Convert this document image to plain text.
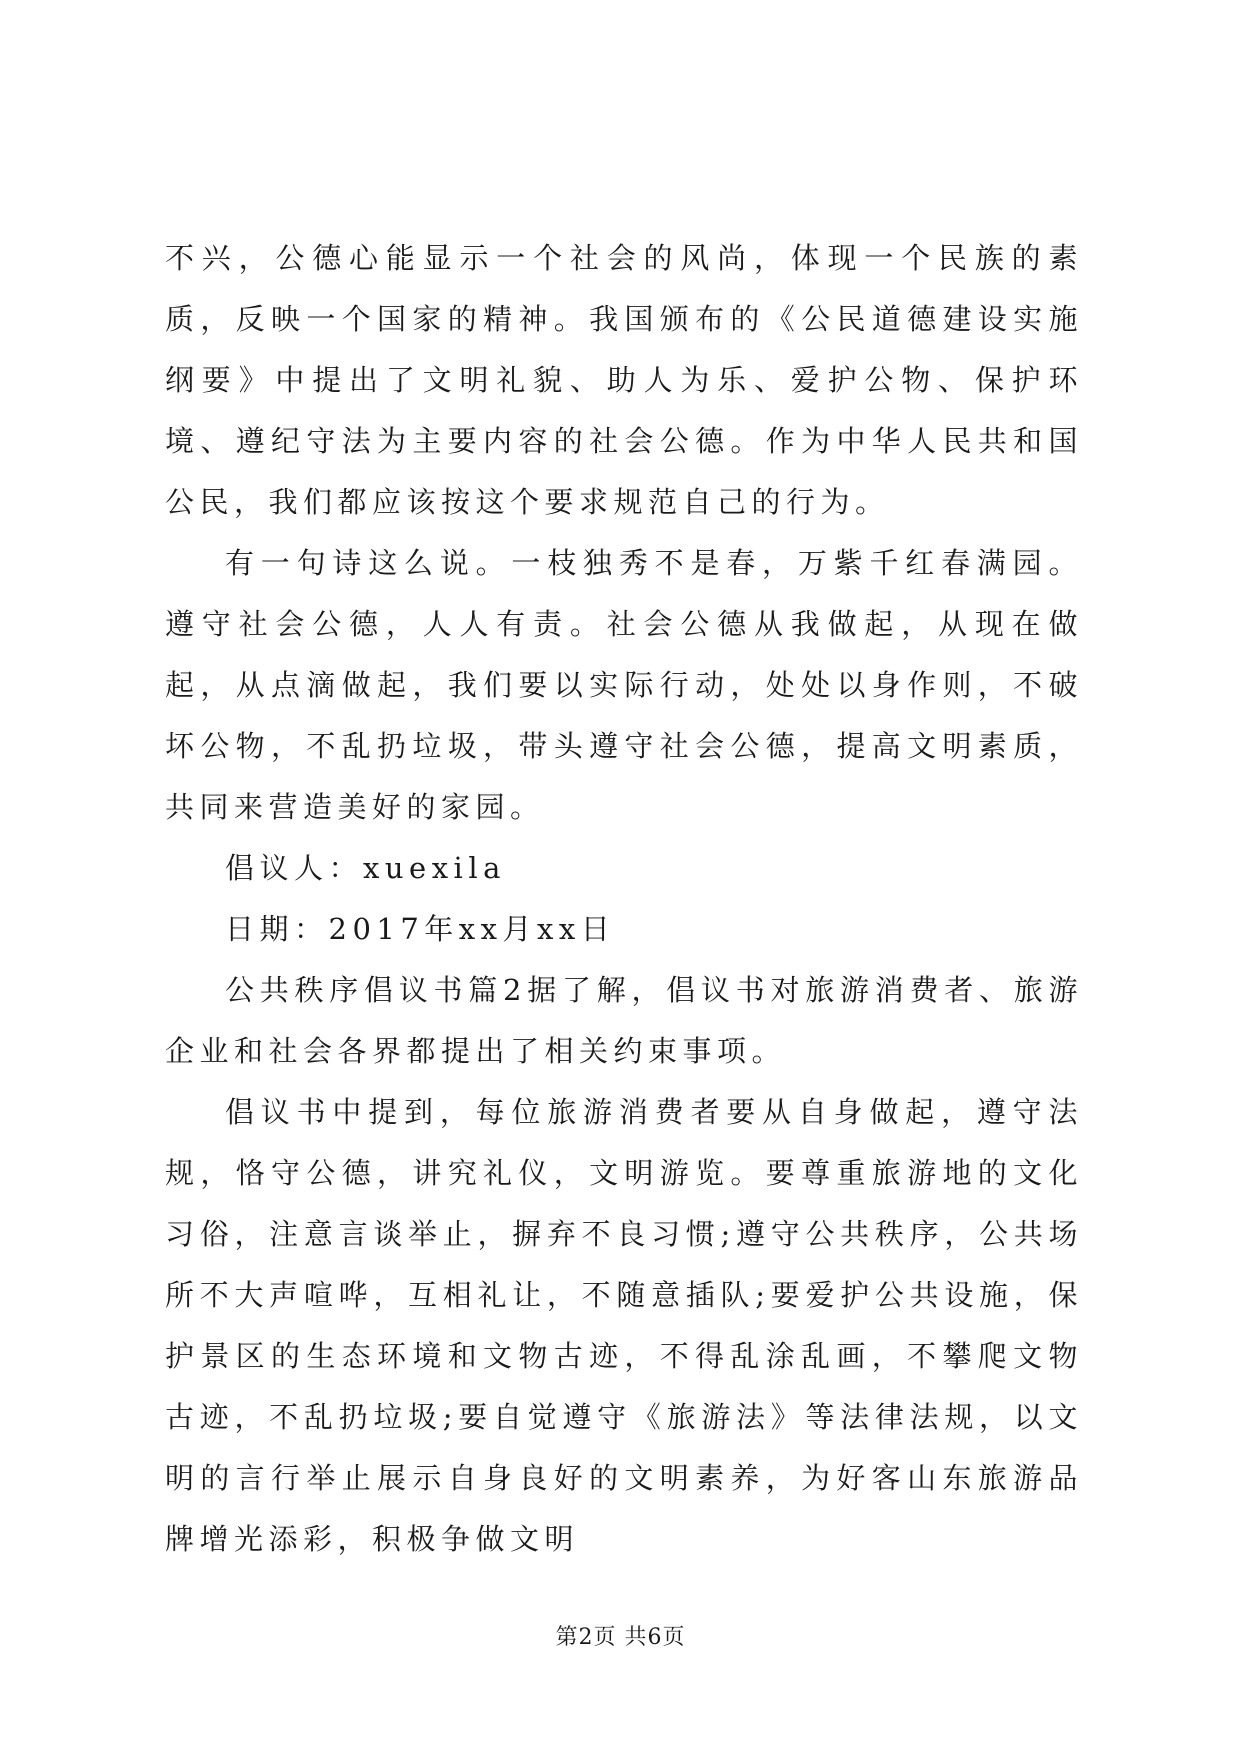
不兴，公德心能显示一个社会的风尚，体现一个民族的素质，反映一个国家的精神。我国颁布的《公民道德建设实施纲要》中提出了文明礼貌、助人为乐、爱护公物、保护环境、遵纪守法为主要内容的社会公德。作为中华人民共和国公民，我们都应该按这个要求规范自己的行为。

有一句诗这么说。一枝独秀不是春，万紫千红春满园。遵守社会公德，人人有责。社会公德从我做起，从现在做起，从点滴做起，我们要以实际行动，处处以身作则，不破坏公物，不乱扔垃圾，带头遵守社会公德，提高文明素质，共同来营造美好的家园。

倡议人：xuexila

日期：2017年xx月xx日

公共秩序倡议书篇2据了解，倡议书对旅游消费者、旅游企业和社会各界都提出了相关约束事项。

倡议书中提到，每位旅游消费者要从自身做起，遵守法规，恪守公德，讲究礼仪，文明游览。要尊重旅游地的文化习俗，注意言谈举止，摒弃不良习惯;遵守公共秩序，公共场所不大声喧哗，互相礼让，不随意插队;要爱护公共设施，保护景区的生态环境和文物古迹，不得乱涂乱画，不攀爬文物古迹，不乱扔垃圾;要自觉遵守《旅游法》等法律法规，以文明的言行举止展示自身良好的文明素养，为好客山东旅游品牌增光添彩，积极争做文明

第2页 共6页
